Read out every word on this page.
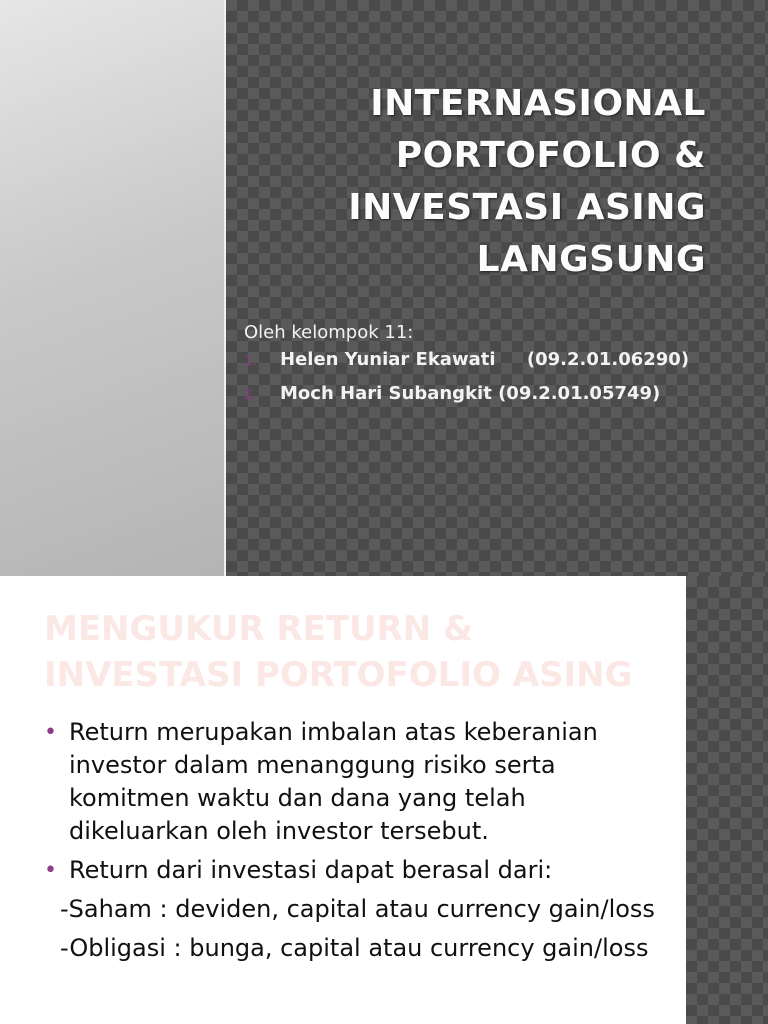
INTERNASIONAL
PORTOFOLIO &
INVESTASI ASING
LANGSUNG

Oleh kelompok 11:

1.	Helen Yuniar Ekawati     (09.2.01.06290)
2.	Moch Hari Subangkit (09.2.01.05749)
MENGUKUR RETURN &
INVESTASI PORTOFOLIO ASING

• Return merupakan imbalan atas keberanian investor dalam menanggung risiko serta komitmen waktu dan dana yang telah dikeluarkan oleh investor tersebut.

• Return dari investasi dapat berasal dari:

-Saham : deviden, capital atau currency gain/loss

-Obligasi : bunga, capital atau currency gain/loss
